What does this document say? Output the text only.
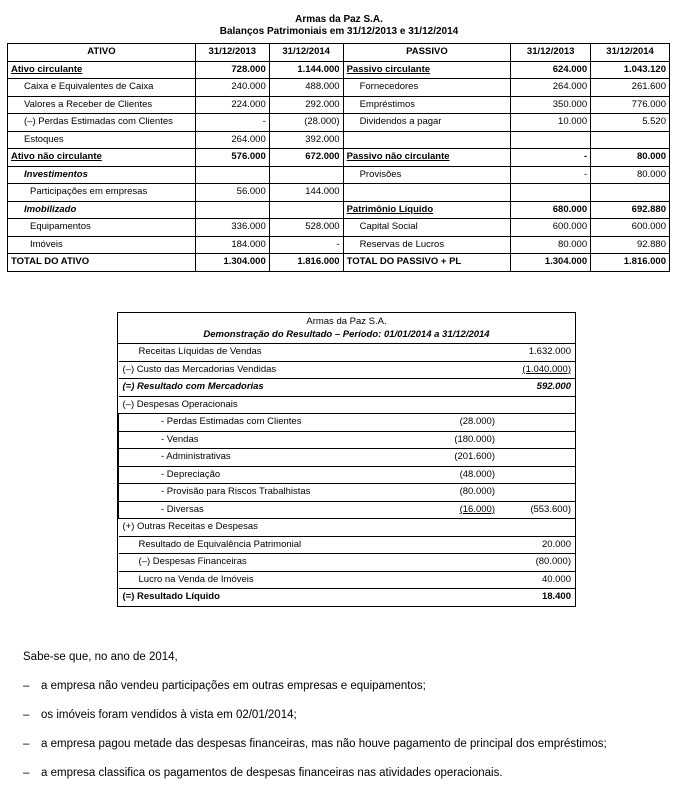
Armas da Paz S.A.
Balanços Patrimoniais em 31/12/2013 e 31/12/2014
ATIVO	31/12/2013	31/12/2014	PASSIVO	31/12/2013	31/12/2014
Ativo circulante	728.000	1.144.000	Passivo circulante	624.000	1.043.120
Caixa e Equivalentes de Caixa	240.000	488.000	Fornecedores	264.000	261.600
Valores a Receber de Clientes	224.000	292.000	Empréstimos	350.000	776.000
(–) Perdas Estimadas com Clientes	-	(28.000)	Dividendos a pagar	10.000	5.520
Estoques	264.000	392.000			
Ativo não circulante	576.000	672.000	Passivo não circulante	-	80.000
Investimentos			Provisões	-	80.000
Participações em empresas	56.000	144.000			
Imobilizado			Patrimônio Líquido	680.000	692.880
Equipamentos	336.000	528.000	Capital Social	600.000	600.000
Imóveis	184.000	-	Reservas de Lucros	80.000	92.880
TOTAL DO ATIVO	1.304.000	1.816.000	TOTAL DO PASSIVO + PL	1.304.000	1.816.000
Armas da Paz S.A.
Demonstração do Resultado – Período: 01/01/2014 a 31/12/2014
Receitas Líquidas de Vendas		1.632.000
(–) Custo das Mercadorias Vendidas		(1.040.000)
(=) Resultado com Mercadorias		592.000
(–) Despesas Operacionais		
- Perdas Estimadas com Clientes	(28.000)	
- Vendas	(180.000)	
- Administrativas	(201.600)	
- Depreciação	(48.000)	
- Provisão para Riscos Trabalhistas	(80.000)	
- Diversas	(16.000)	(553.600)
(+) Outras Receitas e Despesas		
Resultado de Equivalência Patrimonial		20.000
(–) Despesas Financeiras		(80.000)
Lucro na Venda de Imóveis		40.000
(=) Resultado Líquido		18.400

Sabe-se que, no ano de 2014,

– a empresa não vendeu participações em outras empresas e equipamentos;
– os imóveis foram vendidos à vista em 02/01/2014;
– a empresa pagou metade das despesas financeiras, mas não houve pagamento de principal dos empréstimos;
– a empresa classifica os pagamentos de despesas financeiras nas atividades operacionais.
